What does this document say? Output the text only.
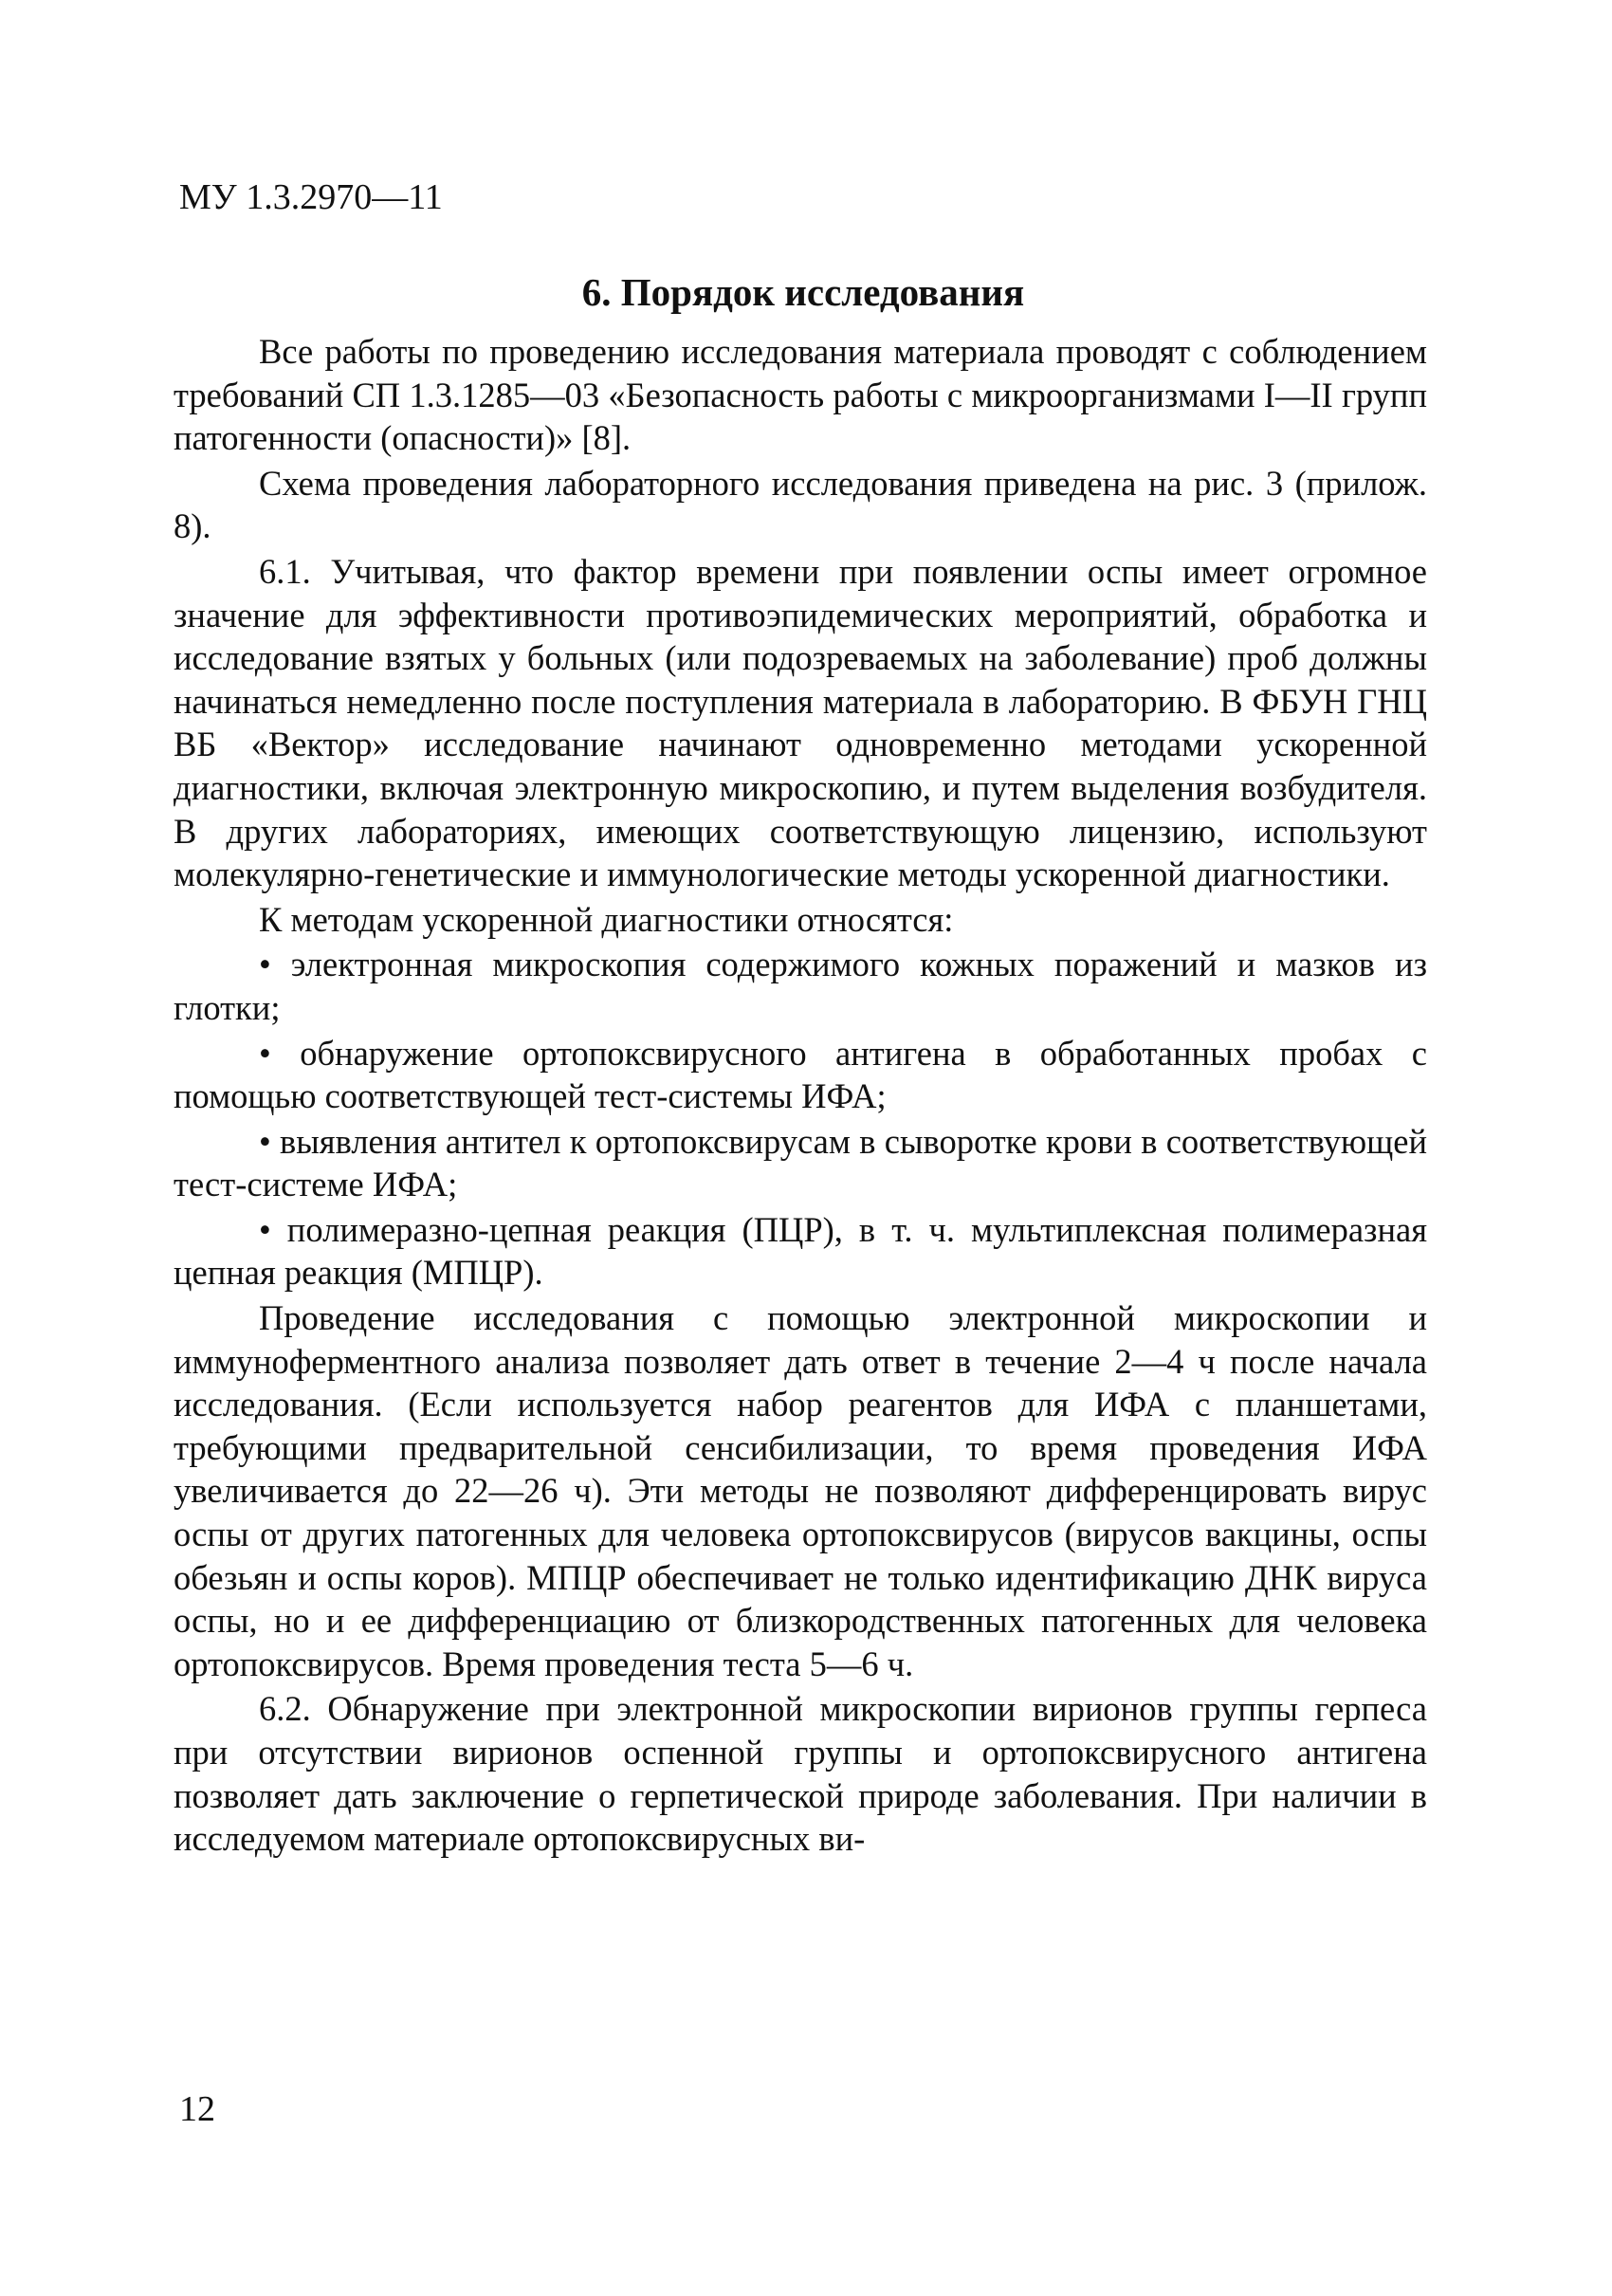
МУ 1.3.2970—11
6. Порядок исследования

Все работы по проведению исследования материала проводят с соблюдением требований СП 1.3.1285—03 «Безопасность работы с микроорганизмами I—II групп патогенности (опасности)» [8].

Схема проведения лабораторного исследования приведена на рис. 3 (прилож. 8).

6.1. Учитывая, что фактор времени при появлении оспы имеет огромное значение для эффективности противоэпидемических мероприятий, обработка и исследование взятых у больных (или подозреваемых на заболевание) проб должны начинаться немедленно после поступления материала в лабораторию. В ФБУН ГНЦ ВБ «Вектор» исследование начинают одновременно методами ускоренной диагностики, включая электронную микроскопию, и путем выделения возбудителя. В других лабораториях, имеющих соответствующую лицензию, используют молекулярно-генетические и иммунологические методы ускоренной диагностики.

К методам ускоренной диагностики относятся:

• электронная микроскопия содержимого кожных поражений и мазков из глотки;

• обнаружение ортопоксвирусного антигена в обработанных пробах с помощью соответствующей тест-системы ИФА;

• выявления антител к ортопоксвирусам в сыворотке крови в соответствующей тест-системе ИФА;

• полимеразно-цепная реакция (ПЦР), в т. ч. мультиплексная полимеразная цепная реакция (МПЦР).

Проведение исследования с помощью электронной микроскопии и иммуноферментного анализа позволяет дать ответ в течение 2—4 ч после начала исследования. (Если используется набор реагентов для ИФА с планшетами, требующими предварительной сенсибилизации, то время проведения ИФА увеличивается до 22—26 ч). Эти методы не позволяют дифференцировать вирус оспы от других патогенных для человека ортопоксвирусов (вирусов вакцины, оспы обезьян и оспы коров). МПЦР обеспечивает не только идентификацию ДНК вируса оспы, но и ее дифференциацию от близкородственных патогенных для человека ортопоксвирусов. Время проведения теста 5—6 ч.

6.2. Обнаружение при электронной микроскопии вирионов группы герпеса при отсутствии вирионов оспенной группы и ортопоксвирусного антигена позволяет дать заключение о герпетической природе заболевания. При наличии в исследуемом материале ортопоксвирусных ви-

12
